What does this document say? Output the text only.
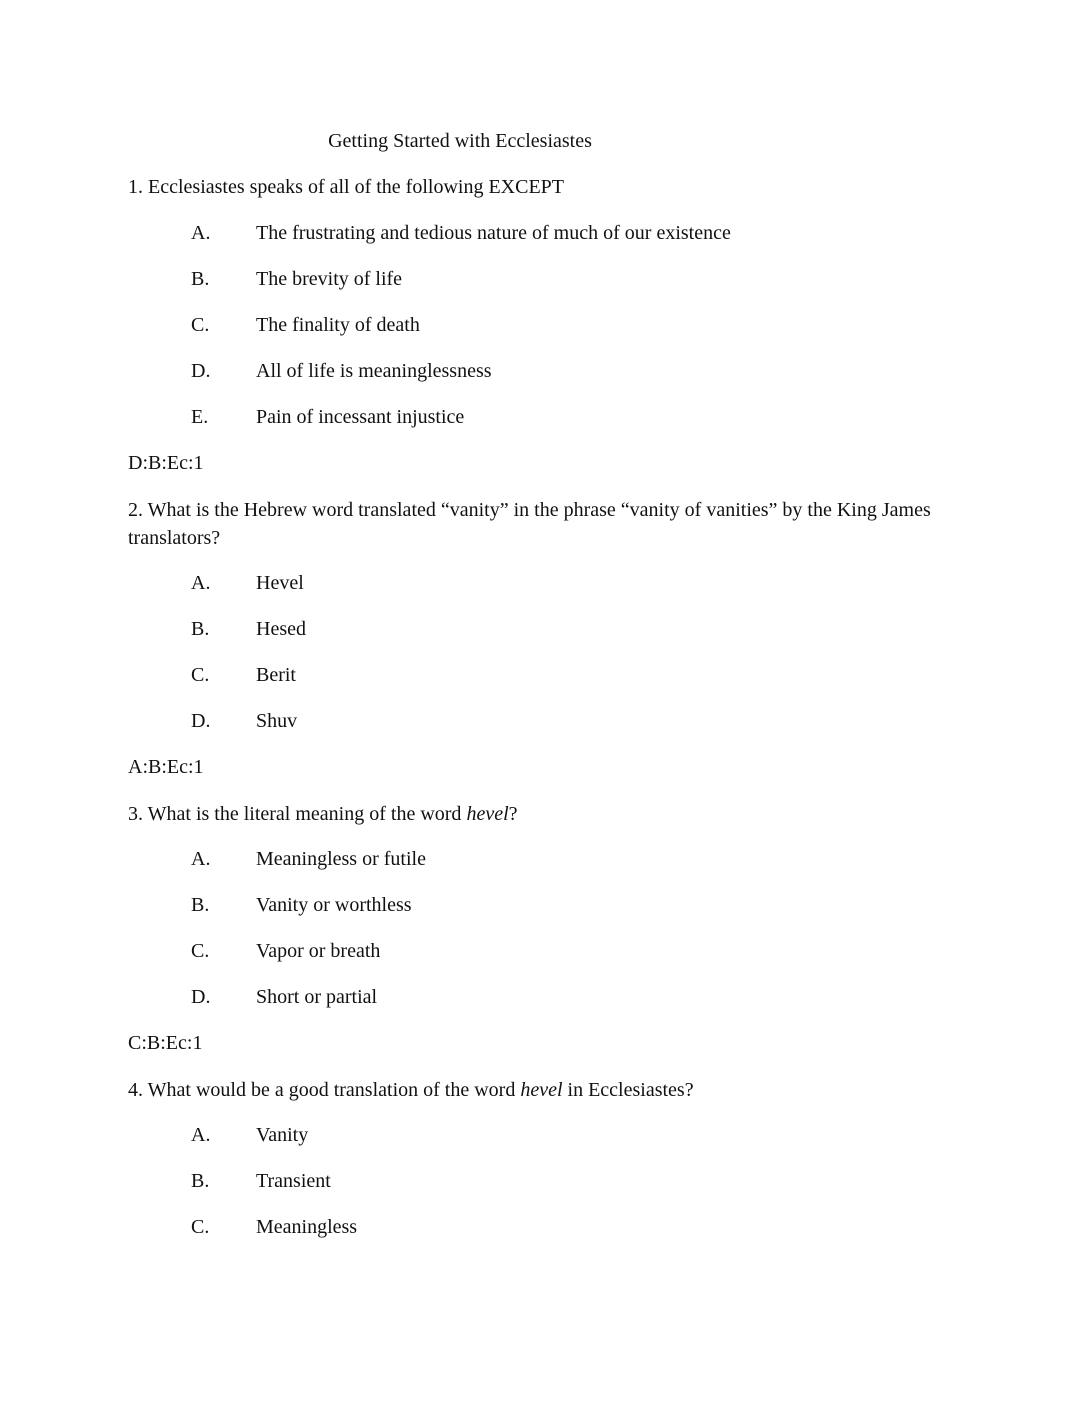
Getting Started with Ecclesiastes
1. Ecclesiastes speaks of all of the following EXCEPT
A. The frustrating and tedious nature of much of our existence
B. The brevity of life
C. The finality of death
D. All of life is meaninglessness
E. Pain of incessant injustice
D:B:Ec:1
2. What is the Hebrew word translated “vanity” in the phrase “vanity of vanities” by the King James translators?
A. Hevel
B. Hesed
C. Berit
D. Shuv
A:B:Ec:1
3. What is the literal meaning of the word hevel?
A. Meaningless or futile
B. Vanity or worthless
C. Vapor or breath
D. Short or partial
C:B:Ec:1
4. What would be a good translation of the word hevel in Ecclesiastes?
A. Vanity
B. Transient
C. Meaningless
